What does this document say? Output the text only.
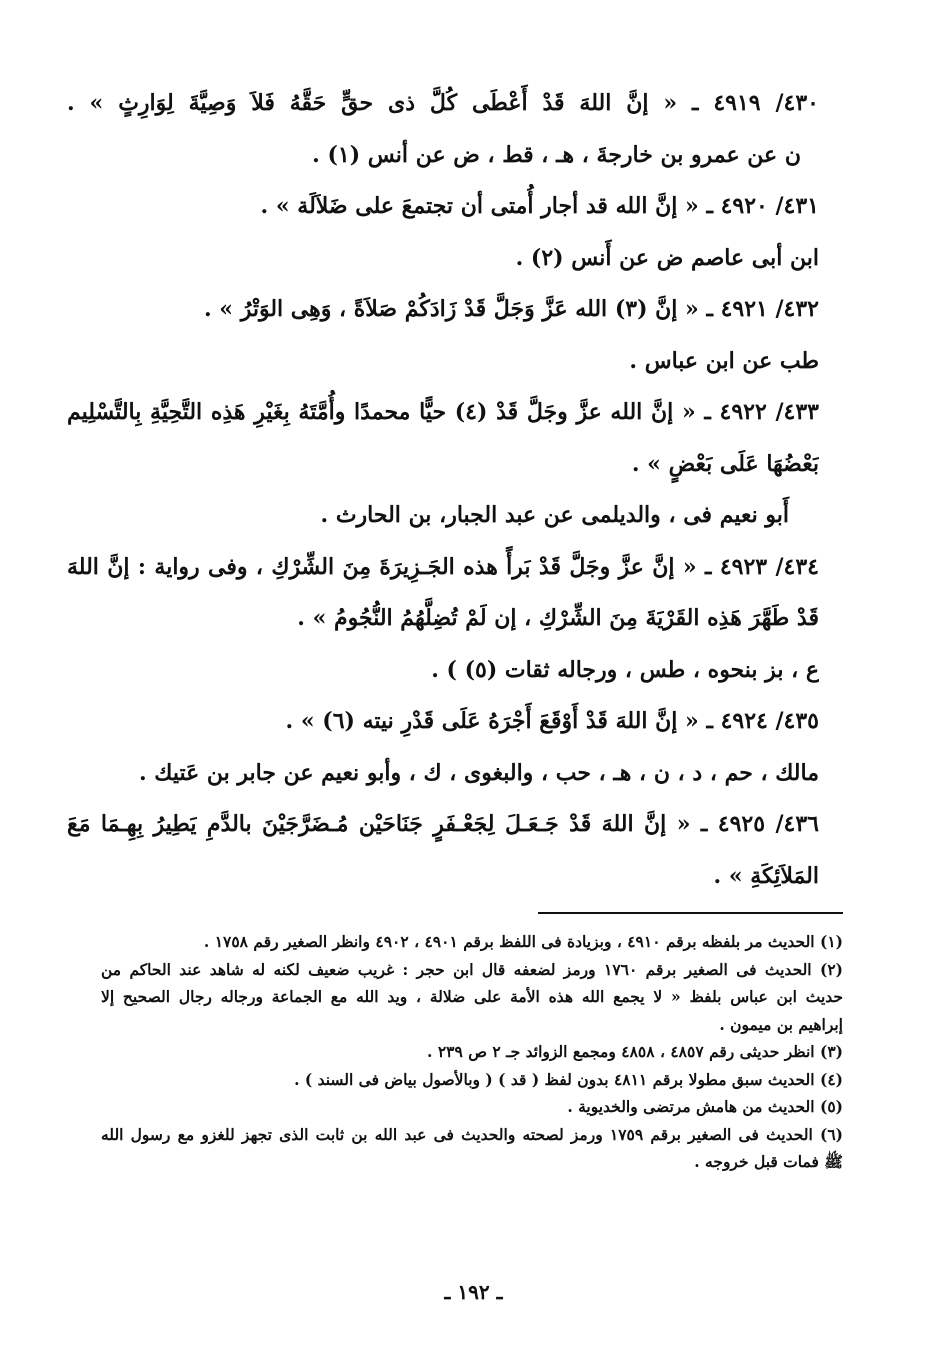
٤٣٠/ ٤٩١٩ ـ « إنَّ اللهَ قَدْ أَعْطَى كُلَّ ذى حقٍّ حَقَّهُ فَلاَ وَصِيَّةَ لِوَارِثٍ » .
ن عن عمرو بن خارجةَ ، هـ ، قط ، ض عن أنس (١) .
٤٣١/ ٤٩٢٠ ـ « إنَّ الله قد أجار أُمتى أن تجتمعَ على ضَلاَلَة » .
ابن أبى عاصم ض عن أَنس (٢) .
٤٣٢/ ٤٩٢١ ـ « إنَّ (٣) الله عَزَّ وَجَلَّ قَدْ زَادَكُمْ صَلاَةً ، وَهِى الوَتْرُ » .
طب عن ابن عباس .
٤٣٣/ ٤٩٢٢ ـ « إنَّ الله عزَّ وجَلَّ قَدْ (٤) حيًّا محمدًا وأُمَّتَهُ بِغَيْرِ هَذِه التَّحِيَّةِ بِالتَّسْلِيم
بَعْضُهَا عَلَى بَعْضٍ » .
أَبو نعيم فى ، والديلمى عن عبد الجبار، بن الحارث .
٤٣٤/ ٤٩٢٣ ـ « إنَّ عزَّ وجَلَّ قَدْ بَرأً هذه الجَـزِيرَةَ مِنَ الشِّرْكِ ، وفى رواية : إنَّ اللهَ
قَدْ طَهَّرَ هَذِه القَرْيَةَ مِنَ الشِّرْكِ ، إن لَمْ تُضِلَّهُمُ النُّجُومُ » .
ع ، بز بنحوه ، طس ، ورجاله ثقات (٥) ) .
٤٣٥/ ٤٩٢٤ ـ « إنَّ اللهَ قَدْ أَوْقَعَ أَجْرَهُ عَلَى قَدْرِ نيته (٦) » .
مالك ، حم ، د ، ن ، هـ ، حب ، والبغوى ، ك ، وأبو نعيم عن جابر بن عَتيك .
٤٣٦/ ٤٩٢٥ ـ « إنَّ اللهَ قَدْ جَـعَـلَ لِجَعْـفَرٍ جَنَاحَيْن مُـضَرَّجَيْنَ بالدَّمِ يَطِيرُ بِهِـمَا مَعَ
المَلاَئِكَةِ » .
(١) الحديث مر بلفظه برقم ٤٩١٠ ، وبزيادة فى اللفظ برقم ٤٩٠١ ، ٤٩٠٢ وانظر الصغير رقم ١٧٥٨ .
(٢) الحديث فى الصغير برقم ١٧٦٠ ورمز لضعفه قال ابن حجر : غريب ضعيف لكنه له شاهد عند الحاكم من
حديث ابن عباس بلفظ « لا يجمع الله هذه الأمة على ضلالة ، ويد الله مع الجماعة ورجاله رجال الصحيح إلا
إبراهيم بن ميمون .
(٣) انظر حديثى رقم ٤٨٥٧ ، ٤٨٥٨ ومجمع الزوائد جـ ٢ ص ٢٣٩ .
(٤) الحديث سبق مطولا برقم ٤٨١١ بدون لفظ ( قد ) ( وبالأصول بياض فى السند ) .
(٥) الحديث من هامش مرتضى والخديوية .
(٦) الحديث فى الصغير برقم ١٧٥٩ ورمز لصحته والحديث فى عبد الله بن ثابت الذى تجهز للغزو مع رسول الله
ﷺ فمات قبل خروجه .
ـ ١٩٢ ـ
